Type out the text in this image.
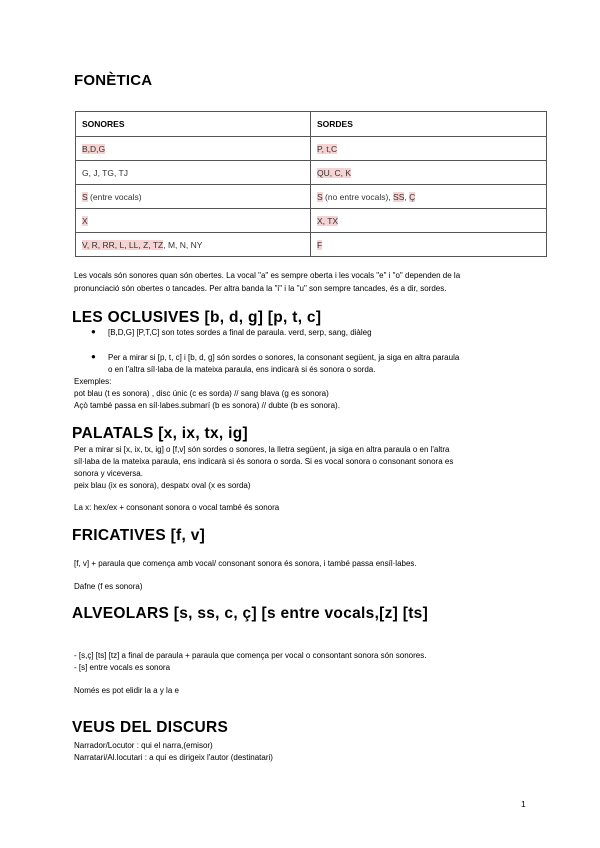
FONÈTICA
SONORES	SORDES
B,D,G	P, t,C
G, J, TG, TJ	QU, C, K
S (entre vocals)	S (no entre vocals), SS, Ç
X	X, TX
V, R, RR, L, LL, Z, TZ, M, N, NY	F
Les vocals són sonores quan són obertes. La vocal "a" es sempre oberta i les vocals "e" i "o" dependen de la
pronunciació són obertes o tancades. Per altra banda la "i" i la "u" son sempre tancades, és a dir, sordes.
LES OCLUSIVES [b, d, g] [p, t, c]
● [B,D,G] [P,T,C] son totes sordes a final de paraula. verd, serp, sang, diàleg
● Per a mirar si [p, t, c] i [b, d, g] són sordes o sonores, la consonant següent, ja siga en altra paraula
o en l'altra síl·laba de la mateixa paraula, ens indicarà si és sonora o sorda.
Exemples:
pot blau (t es sonora) , disc únic (c es sorda) // sang blava (g es sonora)
Açò també passa en síl·labes.submarí (b es sonora) // dubte (b es sonora).
PALATALS [x, ix, tx, ig]
Per a mirar si [x, ix, tx, ig] o [f,v] són sordes o sonores, la lletra següent, ja siga en altra paraula o en l'altra
síl·laba de la mateixa paraula, ens indicarà si és sonora o sorda. Si es vocal sonora o consonant sonora es
sonora y viceversa.
peix blau (ix es sonora), despatx oval (x es sorda)
La x: hex/ex + consonant sonora o vocal també és sonora
FRICATIVES [f, v]
[f, v] + paraula que comença amb vocal/ consonant sonora és sonora, i també passa ensíl·labes.
Dafne (f es sonora)
ALVEOLARS [s, ss, c, ç] [s entre vocals,[z] [ts]
- [s,ç] [ts] [tz] a final de paraula + paraula que comença per vocal o consontant sonora són sonores.
- [s] entre vocals es sonora
Només es pot elidir la a y la e
VEUS DEL DISCURS
Narrador/Locutor : qui el narra,(emisor)
Narratari/Al.locutari : a qui es dirigeix l'autor (destinatari)
1
